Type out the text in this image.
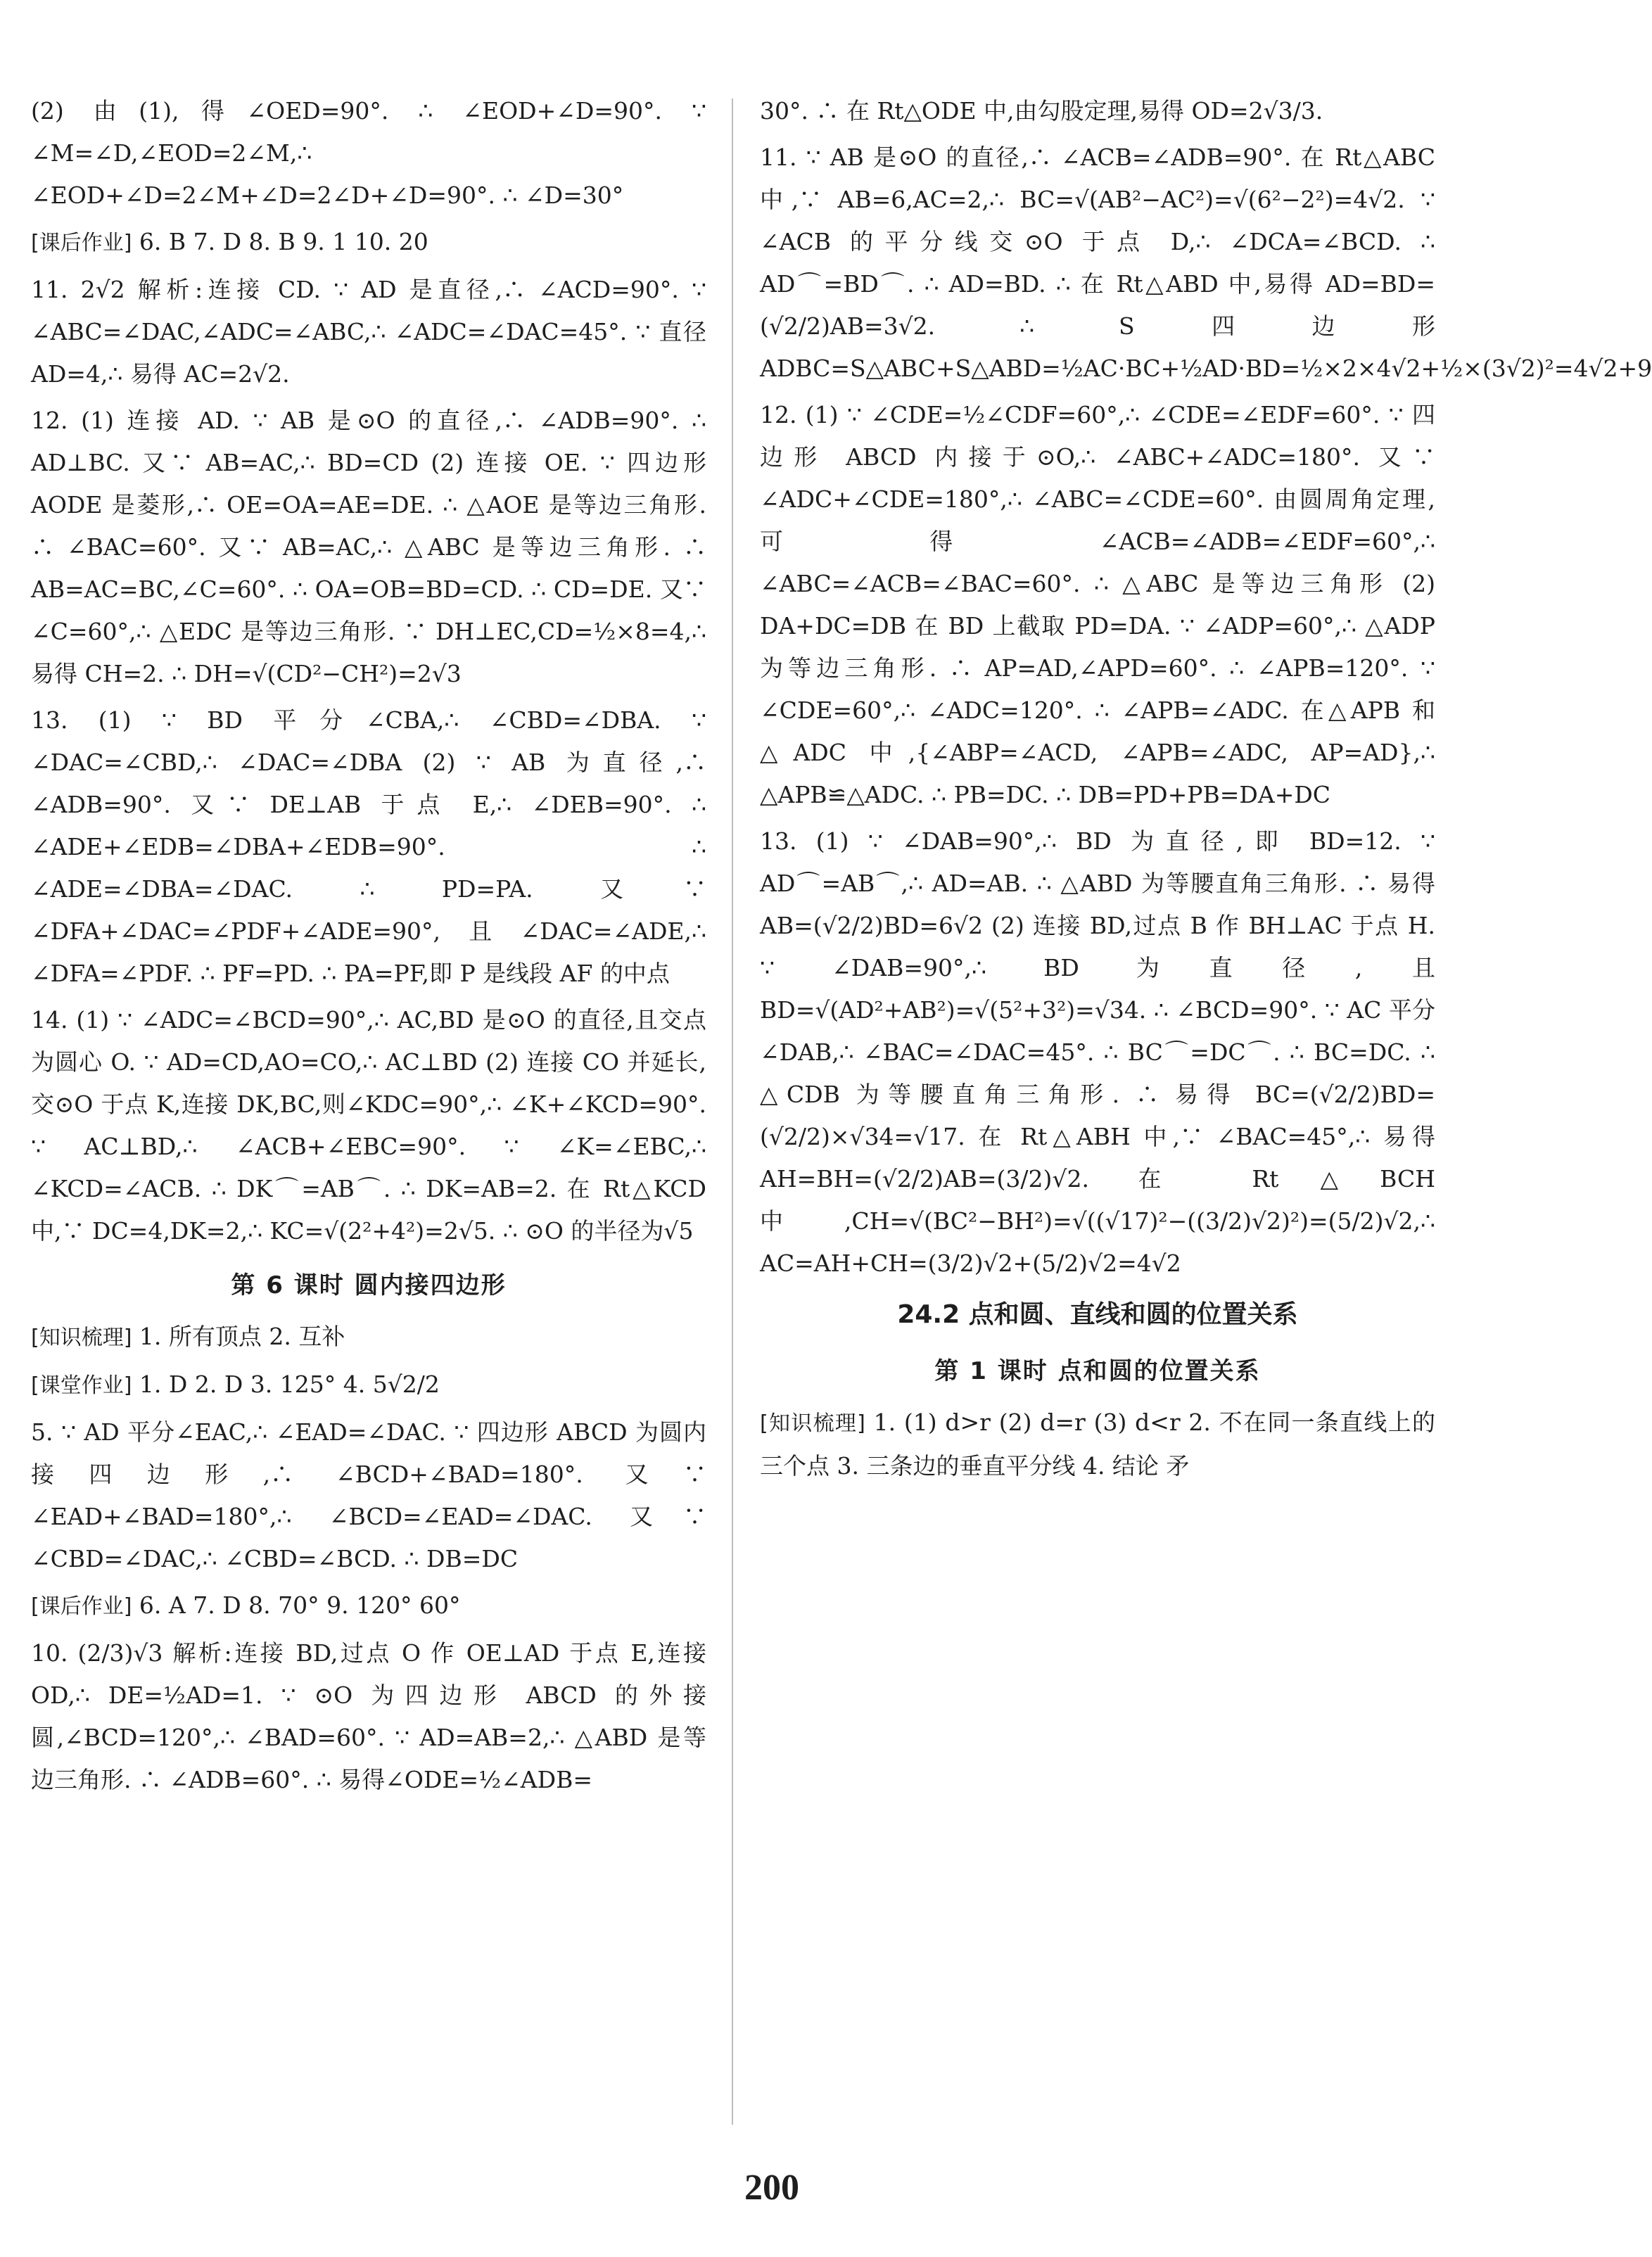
(2) 由(1),得∠OED=90°. ∴ ∠EOD+∠D=90°. ∵ ∠M=∠D,∠EOD=2∠M,∴ ∠EOD+∠D=2∠M+∠D=2∠D+∠D=90°. ∴ ∠D=30°

[课后作业] 6. B 7. D 8. B 9. 1 10. 20

11. 2√2 解析:连接 CD. ∵ AD 是直径,∴ ∠ACD=90°. ∵ ∠ABC=∠DAC,∠ADC=∠ABC,∴ ∠ADC=∠DAC=45°. ∵ 直径 AD=4,∴ 易得 AC=2√2.

12. (1) 连接 AD. ∵ AB 是⊙O 的直径,∴ ∠ADB=90°. ∴ AD⊥BC. 又∵ AB=AC,∴ BD=CD (2) 连接 OE. ∵ 四边形 AODE 是菱形,∴ OE=OA=AE=DE. ∴ △AOE 是等边三角形. ∴ ∠BAC=60°. 又∵ AB=AC,∴ △ABC 是等边三角形. ∴ AB=AC=BC,∠C=60°. ∴ OA=OB=BD=CD. ∴ CD=DE. 又∵ ∠C=60°,∴ △EDC 是等边三角形. ∵ DH⊥EC,CD=½×8=4,∴ 易得 CH=2. ∴ DH=√(CD²−CH²)=2√3

13. (1) ∵ BD 平分∠CBA,∴ ∠CBD=∠DBA. ∵ ∠DAC=∠CBD,∴ ∠DAC=∠DBA (2) ∵ AB 为直径,∴ ∠ADB=90°. 又∵ DE⊥AB 于点 E,∴ ∠DEB=90°. ∴ ∠ADE+∠EDB=∠DBA+∠EDB=90°. ∴ ∠ADE=∠DBA=∠DAC. ∴ PD=PA. 又∵ ∠DFA+∠DAC=∠PDF+∠ADE=90°,且∠DAC=∠ADE,∴ ∠DFA=∠PDF. ∴ PF=PD. ∴ PA=PF,即 P 是线段 AF 的中点

14. (1) ∵ ∠ADC=∠BCD=90°,∴ AC,BD 是⊙O 的直径,且交点为圆心 O. ∵ AD=CD,AO=CO,∴ AC⊥BD (2) 连接 CO 并延长,交⊙O 于点 K,连接 DK,BC,则∠KDC=90°,∴ ∠K+∠KCD=90°. ∵ AC⊥BD,∴ ∠ACB+∠EBC=90°. ∵ ∠K=∠EBC,∴ ∠KCD=∠ACB. ∴ DK⌒=AB⌒. ∴ DK=AB=2. 在 Rt△KCD 中,∵ DC=4,DK=2,∴ KC=√(2²+4²)=2√5. ∴ ⊙O 的半径为√5

第 6 课时 圆内接四边形

[知识梳理] 1. 所有顶点 2. 互补

[课堂作业] 1. D 2. D 3. 125° 4. 5√2/2

5. ∵ AD 平分∠EAC,∴ ∠EAD=∠DAC. ∵ 四边形 ABCD 为圆内接四边形,∴ ∠BCD+∠BAD=180°. 又∵ ∠EAD+∠BAD=180°,∴ ∠BCD=∠EAD=∠DAC. 又∵ ∠CBD=∠DAC,∴ ∠CBD=∠BCD. ∴ DB=DC

[课后作业] 6. A 7. D 8. 70° 9. 120° 60°

10. (2/3)√3 解析:连接 BD,过点 O 作 OE⊥AD 于点 E,连接 OD,∴ DE=½AD=1. ∵ ⊙O 为四边形 ABCD 的外接圆,∠BCD=120°,∴ ∠BAD=60°. ∵ AD=AB=2,∴ △ABD 是等边三角形. ∴ ∠ADB=60°. ∴ 易得∠ODE=½∠ADB=

30°. ∴ 在 Rt△ODE 中,由勾股定理,易得 OD=2√3/3.

11. ∵ AB 是⊙O 的直径,∴ ∠ACB=∠ADB=90°. 在 Rt△ABC 中,∵ AB=6,AC=2,∴ BC=√(AB²−AC²)=√(6²−2²)=4√2. ∵ ∠ACB 的平分线交⊙O 于点 D,∴ ∠DCA=∠BCD. ∴ AD⌒=BD⌒. ∴ AD=BD. ∴ 在 Rt△ABD 中,易得 AD=BD=(√2/2)AB=3√2. ∴ S四边形ADBC=S△ABC+S△ABD=½AC·BC+½AD·BD=½×2×4√2+½×(3√2)²=4√2+9

12. (1) ∵ ∠CDE=½∠CDF=60°,∴ ∠CDE=∠EDF=60°. ∵ 四边形 ABCD 内接于⊙O,∴ ∠ABC+∠ADC=180°. 又∵ ∠ADC+∠CDE=180°,∴ ∠ABC=∠CDE=60°. 由圆周角定理,可得∠ACB=∠ADB=∠EDF=60°,∴ ∠ABC=∠ACB=∠BAC=60°. ∴ △ABC 是等边三角形 (2) DA+DC=DB 在 BD 上截取 PD=DA. ∵ ∠ADP=60°,∴ △ADP 为等边三角形. ∴ AP=AD,∠APD=60°. ∴ ∠APB=120°. ∵ ∠CDE=60°,∴ ∠ADC=120°. ∴ ∠APB=∠ADC. 在△APB 和△ADC 中,{∠ABP=∠ACD, ∠APB=∠ADC, AP=AD},∴ △APB≌△ADC. ∴ PB=DC. ∴ DB=PD+PB=DA+DC

13. (1) ∵ ∠DAB=90°,∴ BD 为直径,即 BD=12. ∵ AD⌒=AB⌒,∴ AD=AB. ∴ △ABD 为等腰直角三角形. ∴ 易得 AB=(√2/2)BD=6√2 (2) 连接 BD,过点 B 作 BH⊥AC 于点 H. ∵ ∠DAB=90°,∴ BD 为直径,且 BD=√(AD²+AB²)=√(5²+3²)=√34. ∴ ∠BCD=90°. ∵ AC 平分∠DAB,∴ ∠BAC=∠DAC=45°. ∴ BC⌒=DC⌒. ∴ BC=DC. ∴ △CDB 为等腰直角三角形. ∴ 易得 BC=(√2/2)BD=(√2/2)×√34=√17. 在 Rt△ABH 中,∵ ∠BAC=45°,∴ 易得 AH=BH=(√2/2)AB=(3/2)√2. 在 Rt△BCH 中,CH=√(BC²−BH²)=√((√17)²−((3/2)√2)²)=(5/2)√2,∴ AC=AH+CH=(3/2)√2+(5/2)√2=4√2

24.2 点和圆、直线和圆的位置关系
第 1 课时 点和圆的位置关系

[知识梳理] 1. (1) d>r (2) d=r (3) d<r 2. 不在同一条直线上的三个点 3. 三条边的垂直平分线 4. 结论 矛

200
